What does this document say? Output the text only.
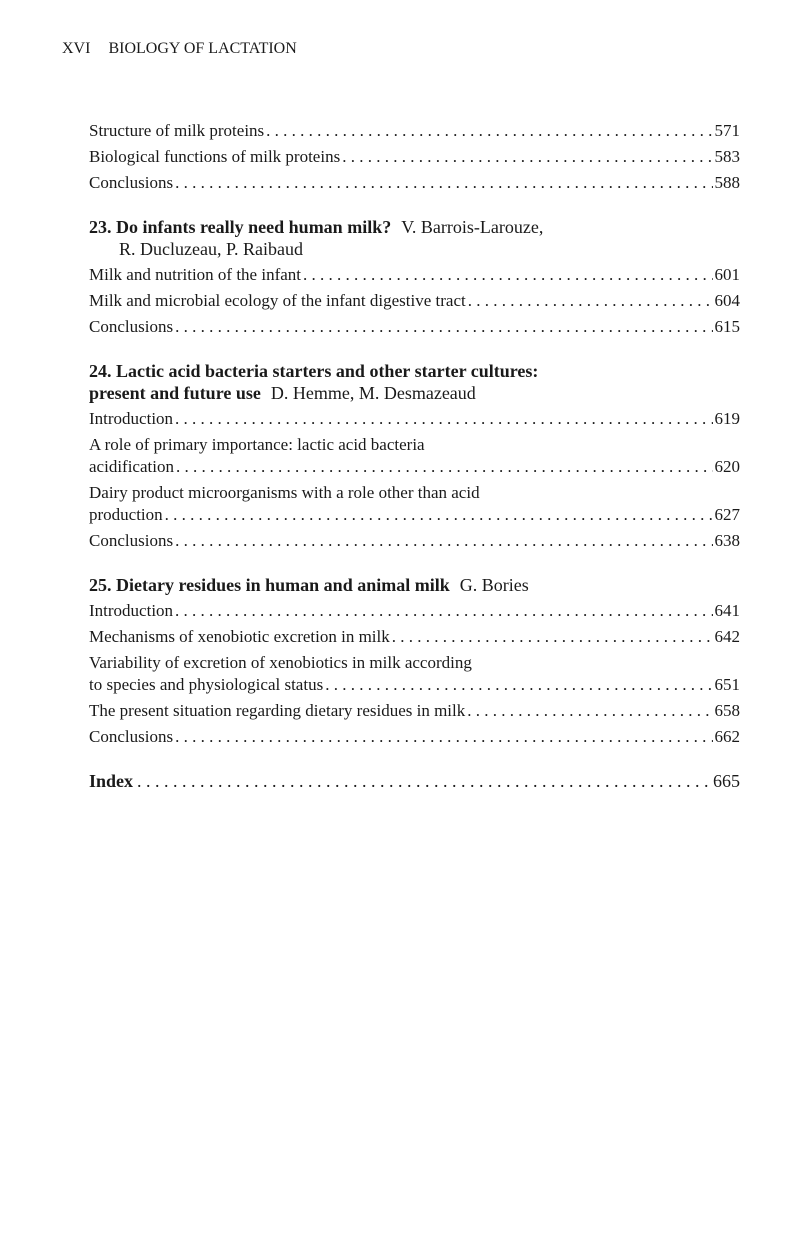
XVI BIOLOGY OF LACTATION
Structure of milk proteins . . .	571
Biological functions of milk proteins . . .	583
Conclusions . . .	588
23. Do infants really need human milk? V. Barrois-Larouze,
R. Ducluzeau, P. Raibaud
Milk and nutrition of the infant . . .	601
Milk and microbial ecology of the infant digestive tract . . .	604
Conclusions . . .	615
24. Lactic acid bacteria starters and other starter cultures:
present and future use D. Hemme, M. Desmazeaud
Introduction . . .	619
A role of primary importance: lactic acid bacteria
acidification . . .	620
Dairy product microorganisms with a role other than acid
production . . .	627
Conclusions . . .	638
25. Dietary residues in human and animal milk G. Bories
Introduction . . .	641
Mechanisms of xenobiotic excretion in milk . . .	642
Variability of excretion of xenobiotics in milk according
to species and physiological status . . .	651
The present situation regarding dietary residues in milk . . .	658
Conclusions . . .	662
Index . . .	665
